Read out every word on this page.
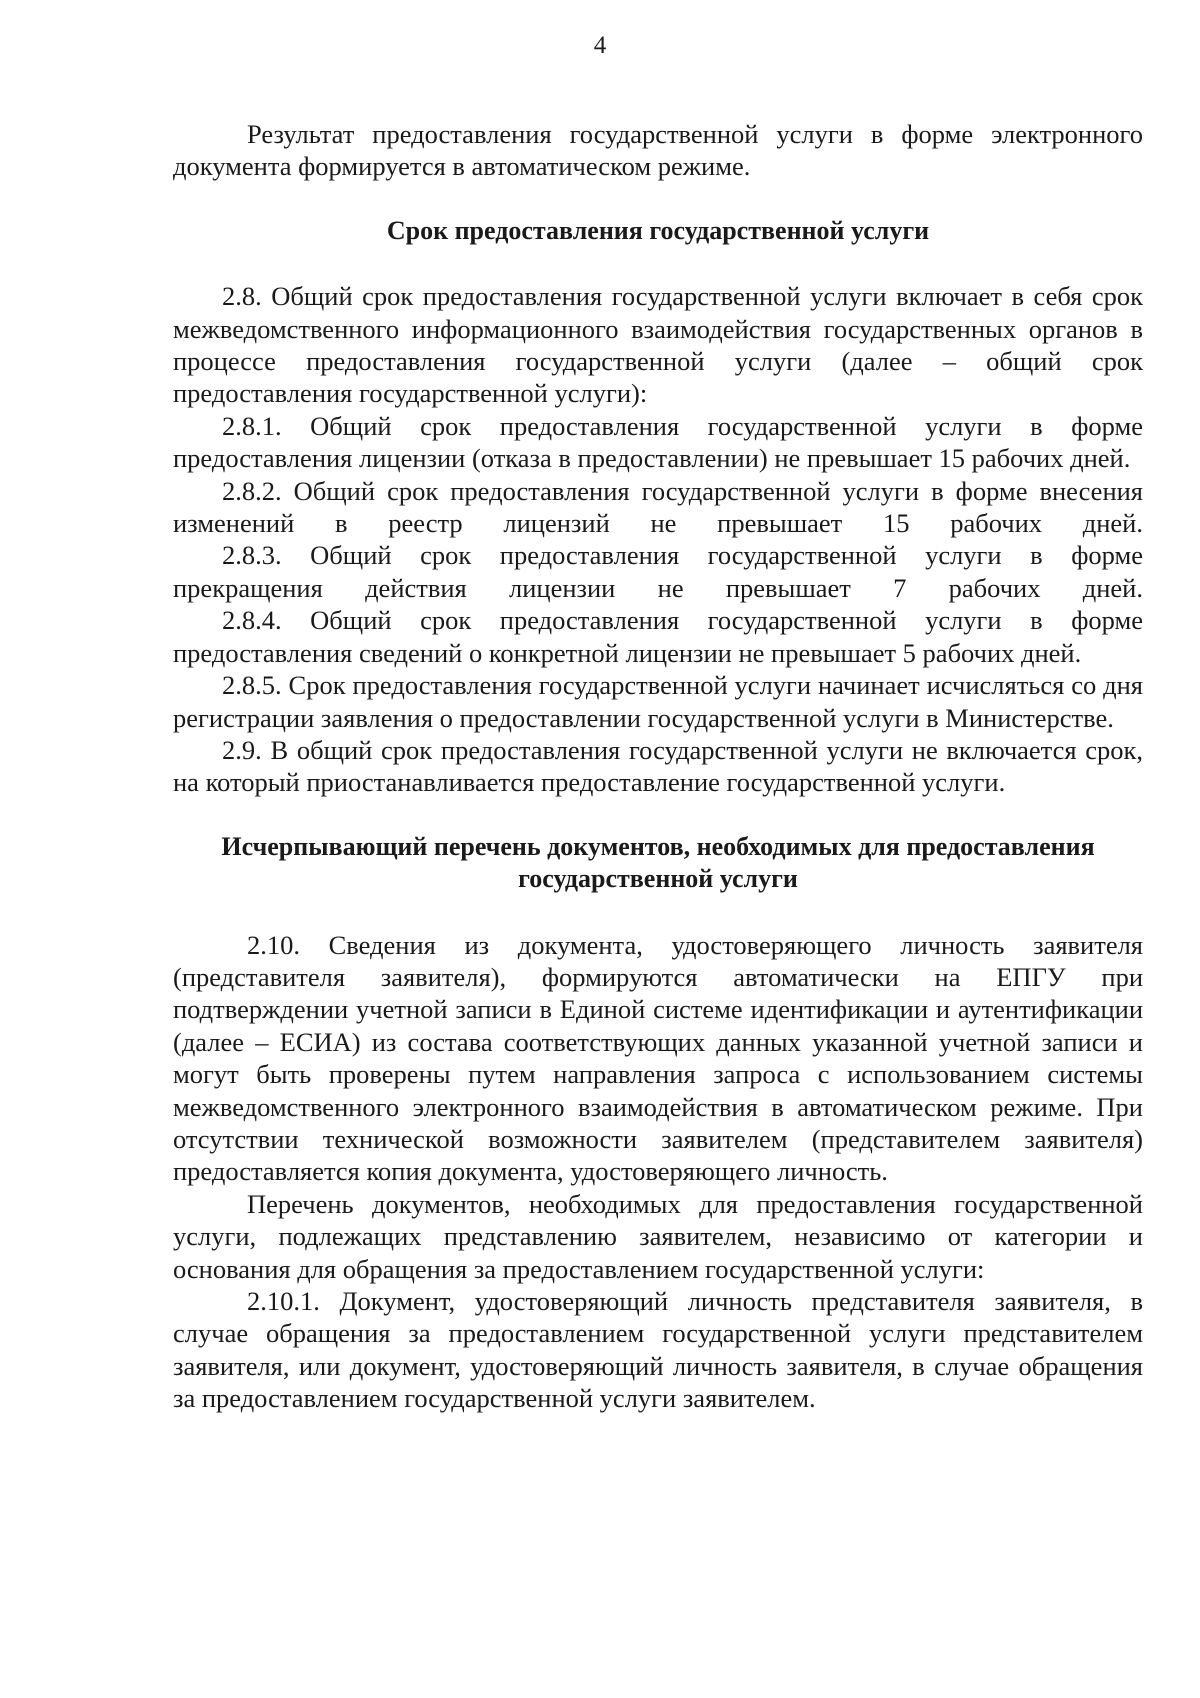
4

Результат предоставления государственной услуги в форме электронного документа формируется в автоматическом режиме.

Срок предоставления государственной услуги

2.8. Общий срок предоставления государственной услуги включает в себя срок межведомственного информационного взаимодействия государственных органов в процессе предоставления государственной услуги (далее – общий срок предоставления государственной услуги):

2.8.1. Общий срок предоставления государственной услуги в форме предоставления лицензии (отказа в предоставлении) не превышает 15 рабочих дней.

2.8.2. Общий срок предоставления государственной услуги в форме внесения изменений в реестр лицензий не превышает 15 рабочих дней.

2.8.3. Общий срок предоставления государственной услуги в форме прекращения действия лицензии не превышает 7 рабочих дней.

2.8.4. Общий срок предоставления государственной услуги в форме предоставления сведений о конкретной лицензии не превышает 5 рабочих дней.

2.8.5. Срок предоставления государственной услуги начинает исчисляться со дня регистрации заявления о предоставлении государственной услуги в Министерстве.

2.9. В общий срок предоставления государственной услуги не включается срок, на который приостанавливается предоставление государственной услуги.

Исчерпывающий перечень документов, необходимых для предоставления

государственной услуги

2.10. Сведения из документа, удостоверяющего личность заявителя (представителя заявителя), формируются автоматически на ЕПГУ при подтверждении учетной записи в Единой системе идентификации и аутентификации (далее – ЕСИА) из состава соответствующих данных указанной учетной записи и могут быть проверены путем направления запроса с использованием системы межведомственного электронного взаимодействия в автоматическом режиме. При отсутствии технической возможности заявителем (представителем заявителя) предоставляется копия документа, удостоверяющего личность.

Перечень документов, необходимых для предоставления государственной услуги, подлежащих представлению заявителем, независимо от категории и основания для обращения за предоставлением государственной услуги:

2.10.1. Документ, удостоверяющий личность представителя заявителя, в случае обращения за предоставлением государственной услуги представителем заявителя, или документ, удостоверяющий личность заявителя, в случае обращения за предоставлением государственной услуги заявителем.
